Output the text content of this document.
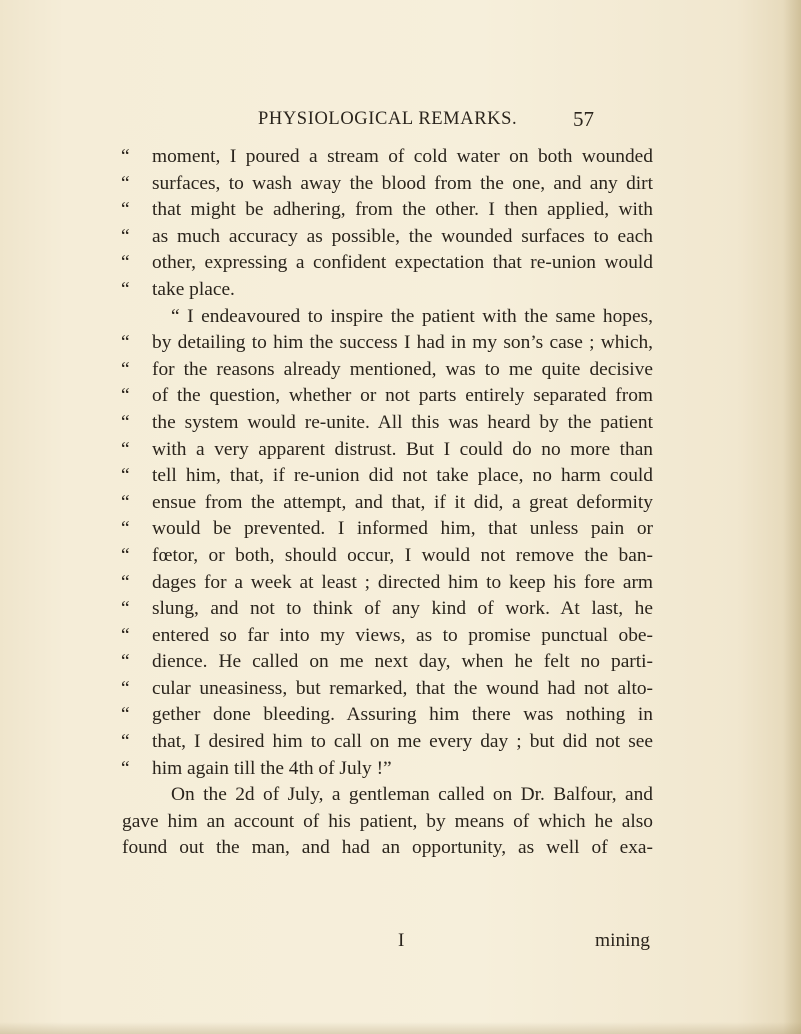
PHYSIOLOGICAL REMARKS.	57
“ moment, I poured a stream of cold water on both wounded
“ surfaces, to wash away the blood from the one, and any dirt
“ that might be adhering, from the other. I then applied, with
“ as much accuracy as possible, the wounded surfaces to each
“ other, expressing a confident expectation that re-union would
“ take place.
“ I endeavoured to inspire the patient with the same hopes,
“ by detailing to him the success I had in my son’s case ; which,
“ for the reasons already mentioned, was to me quite decisive
“ of the question, whether or not parts entirely separated from
“ the system would re-unite. All this was heard by the patient
“ with a very apparent distrust. But I could do no more than
“ tell him, that, if re-union did not take place, no harm could
“ ensue from the attempt, and that, if it did, a great deformity
“ would be prevented. I informed him, that unless pain or
“ fœtor, or both, should occur, I would not remove the ban-
“ dages for a week at least ; directed him to keep his fore arm
“ slung, and not to think of any kind of work. At last, he
“ entered so far into my views, as to promise punctual obe-
“ dience. He called on me next day, when he felt no parti-
“ cular uneasiness, but remarked, that the wound had not alto-
“ gether done bleeding. Assuring him there was nothing in
“ that, I desired him to call on me every day ; but did not see
“ him again till the 4th of July !”
On the 2d of July, a gentleman called on Dr. Balfour, and
gave him an account of his patient, by means of which he also
found out the man, and had an opportunity, as well of exa-
I	mining
